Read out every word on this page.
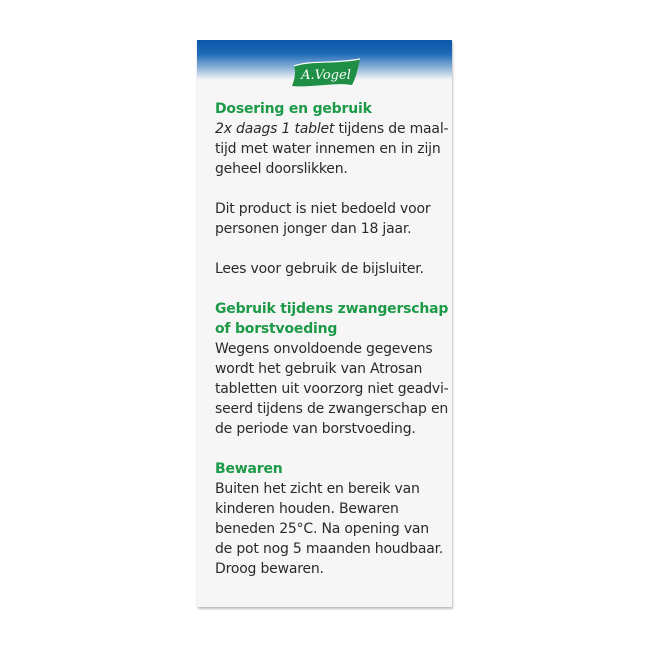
A.Vogel
Dosering en gebruik
2x daags 1 tablet tijdens de maal-
tijd met water innemen en in zijn
geheel doorslikken.
Dit product is niet bedoeld voor
personen jonger dan 18 jaar.
Lees voor gebruik de bijsluiter.
Gebruik tijdens zwangerschap
of borstvoeding
Wegens onvoldoende gegevens
wordt het gebruik van Atrosan
tabletten uit voorzorg niet geadvi-
seerd tijdens de zwangerschap en
de periode van borstvoeding.
Bewaren
Buiten het zicht en bereik van
kinderen houden. Bewaren
beneden 25°C. Na opening van
de pot nog 5 maanden houdbaar.
Droog bewaren.
